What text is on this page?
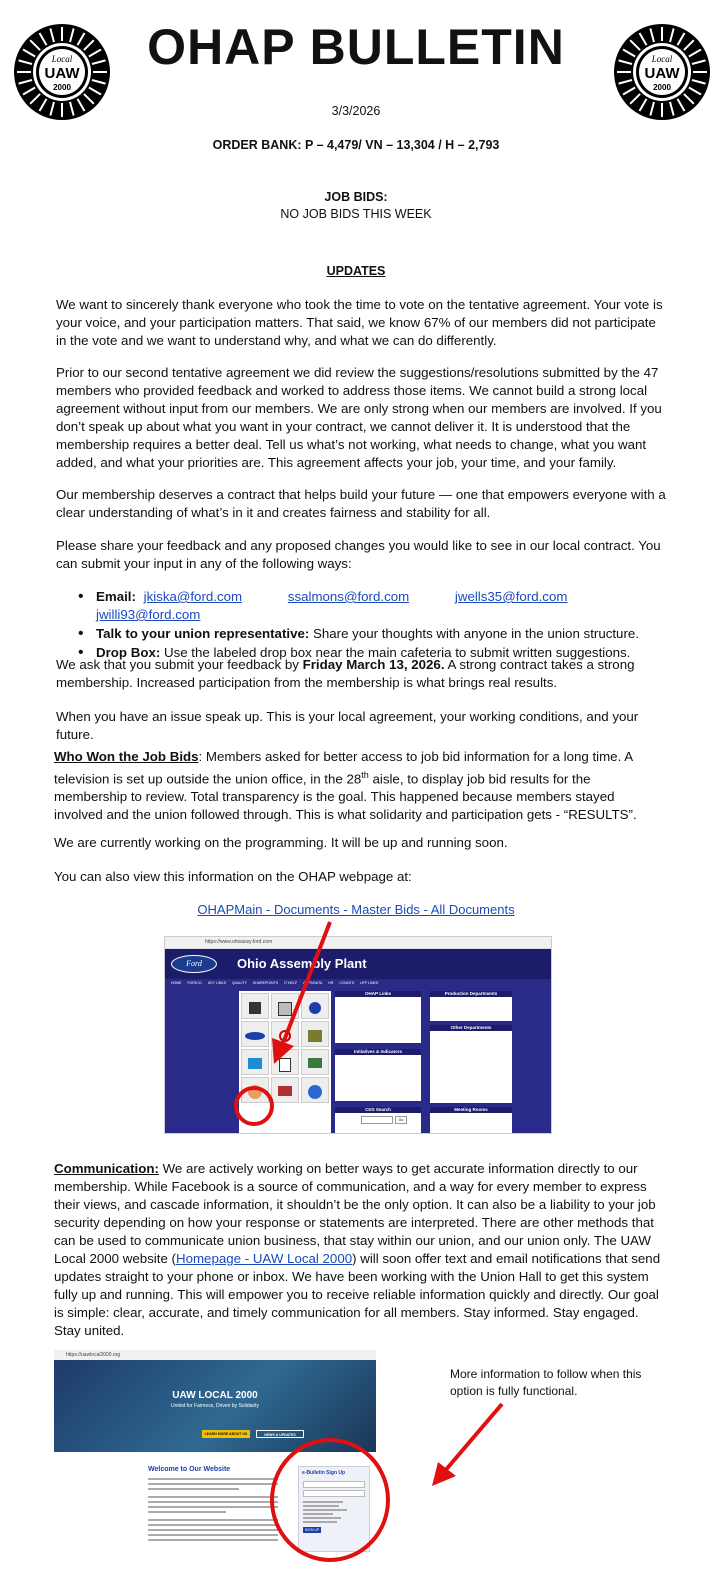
Local
UAW
2000
Local
UAW
2000
OHAP BULLETIN
3/3/2026
ORDER BANK: P – 4,479/ VN – 13,304 / H – 2,793
JOB BIDS:
NO JOB BIDS THIS WEEK
UPDATES

We want to sincerely thank everyone who took the time to vote on the tentative agreement. Your vote is your voice, and your participation matters. That said, we know 67% of our members did not participate in the vote and we want to understand why, and what we can do differently.

Prior to our second tentative agreement we did review the suggestions/resolutions submitted by the 47 members who provided feedback and worked to address those items. We cannot build a strong local agreement without input from our members. We are only strong when our members are involved. If you don’t speak up about what you want in your contract, we cannot deliver it. It is understood that the membership requires a better deal. Tell us what’s not working, what needs to change, what you want added, and what your priorities are. This agreement affects your job, your time, and your family.

Our membership deserves a contract that helps build your future — one that empowers everyone with a clear understanding of what’s in it and creates fairness and stability for all.

Please share your feedback and any proposed changes you would like to see in our local contract. You can submit your input in any of the following ways:

• Email: jkiska@ford.com	ssalmons@ford.com	jwells35@ford.com jwilli93@ford.com
• Talk to your union representative: Share your thoughts with anyone in the union structure.
• Drop Box: Use the labeled drop box near the main cafeteria to submit written suggestions.

We ask that you submit your feedback by Friday March 13, 2026. A strong contract takes a strong membership. Increased participation from the membership is what brings real results.

When you have an issue speak up. This is your local agreement, your working conditions, and your future.

Who Won the Job Bids: Members asked for better access to job bid information for a long time. A television is set up outside the union office, in the 28th aisle, to display job bid results for the membership to review. Total transparency is the goal. This happened because members stayed involved and the union followed through. This is what solidarity and participation gets - “RESULTS”.

We are currently working on the programming. It will be up and running soon.

You can also view this information on the OHAP webpage at:

OHAPMain - Documents - Master Bids - All Documents
https://www.ohioassy.ford.com
Ford	Ohio Assembly Plant
HOME FORD ID KEY LINKS QUALITY SHAREPOINTS IT HELP APPS/DATA HR COUNTS UFP LINKS
OHAP Links
Initiatives & Indicators
CDS Search
Go
Production Departments
Other Departments
Meeting Rooms

Communication: We are actively working on better ways to get accurate information directly to our membership. While Facebook is a source of communication, and a way for every member to express their views, and cascade information, it shouldn’t be the only option. It can also be a liability to your job security depending on how your response or statements are interpreted. There are other methods that can be used to communicate union business, that stay within our union, and our union only. The UAW Local 2000 website (Homepage - UAW Local 2000) will soon offer text and email notifications that send updates straight to your phone or inbox. We have been working with the Union Hall to get this system fully up and running. This will empower you to receive reliable information quickly and directly. Our goal is simple: clear, accurate, and timely communication for all members. Stay informed. Stay engaged. Stay united.

https://uawlocal2000.org
UAW LOCAL 2000
United for Fairness, Driven by Solidarity
LEARN MORE ABOUT US	NEWS & UPDATES
Welcome to Our Website	e-Bulletin Sign Up
SIGN UP
More information to follow when this option is fully functional.
